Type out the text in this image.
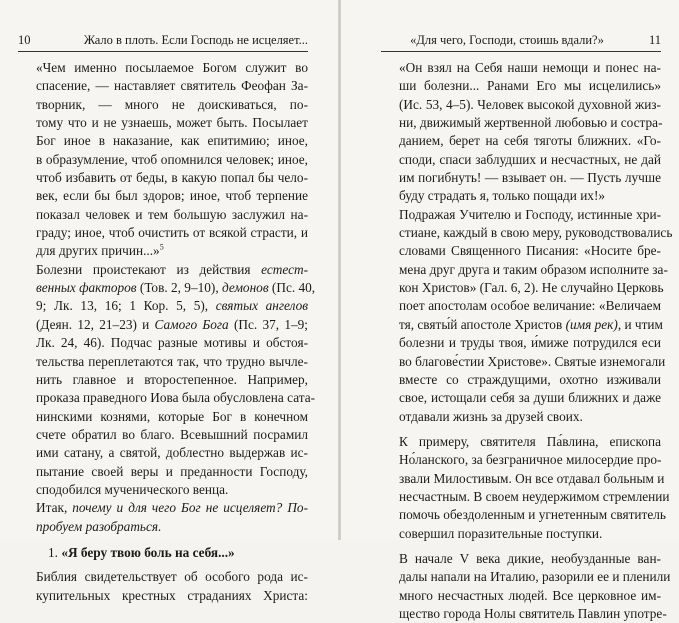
10	Жало в плоть. Если Господь не исцеляет...

«Чем именно посылаемое Богом служит во
спасение, — наставляет святитель Феофан За-
творник, — много не доискиваться, по-
тому что и не узнаешь, может быть. Посылает
Бог иное в наказание, как епитимию; иное,
в образумление, чтоб опомнился человек; иное,
чтоб избавить от беды, в какую попал бы чело-
век, если бы был здоров; иное, чтоб терпение
показал человек и тем большую заслужил на-
граду; иное, чтоб очистить от всякой страсти, и
для других причин...»$^5$

Болезни проистекают из действия естест-
венных факторов (Тов. 2, 9–10), демонов (Пс. 40,
9; Лк. 13, 16; 1 Кор. 5, 5), святых ангелов
(Деян. 12, 21–23) и Самого Бога (Пс. 37, 1–9;
Лк. 24, 46). Подчас разные мотивы и обстоя-
тельства переплетаются так, что трудно вычле-
нить главное и второстепенное. Например,
проказа праведного Иова была обусловлена сата-
нинскими кознями, которые Бог в конечном
счете обратил во благо. Всевышний посрамил
ими сатану, а святой, доблестно выдержав ис-
пытание своей веры и преданности Господу,
сподобился мученического венца.

Итак, почему и для чего Бог не исцеляет? По-
пробуем разобраться.

1. «Я беру твою боль на себя...»

Библия свидетельствует об особого рода ис-
купительных крестных страданиях Христа:

«Для чего, Господи, стоишь вдали?»	11

«Он взял на Себя наши немощи и понес на-
ши болезни... Ранами Его мы исцелились»
(Ис. 53, 4–5). Человек высокой духовной жиз-
ни, движимый жертвенной любовью и сострa-
данием, берет на себя тяготы ближних. «Го-
споди, спаси заблудших и несчастных, не дай
им погибнуть! — взывает он. — Пусть лучше
буду страдать я, только пощади их!»

Подражая Учителю и Господу, истинные хри-
стиане, каждый в свою меру, руководствовались
словами Священного Писания: «Носите бре-
мена друг друга и таким образом исполните за-
кон Христов» (Гал. 6, 2). Не случайно Церковь
поет апостолам особое величание: «Величаем
тя, святы́й апостоле Христов (имя рек), и чтим
болезни и труды твоя, и́миже потрудился еси
во благове́стии Христове». Святые изнемогали
вместе со страждущими, охотно изживали
свое, истощали себя за души ближних и даже
отдавали жизнь за друзей своих.

К примеру, святителя Па́влина, епископа
Но́ланского, за безграничное милосердие про-
звали Милостивым. Он все отдавал больным и
несчастным. В своем неудержимом стремлении
помочь обездоленным и угнетенным святитель
совершил поразительные поступки.

В начале V века дикие, необузданные ван-
далы напали на Италию, разорили ее и пленили
много несчастных людей. Все церковное им-
щество города Нолы святитель Павлин употре-
